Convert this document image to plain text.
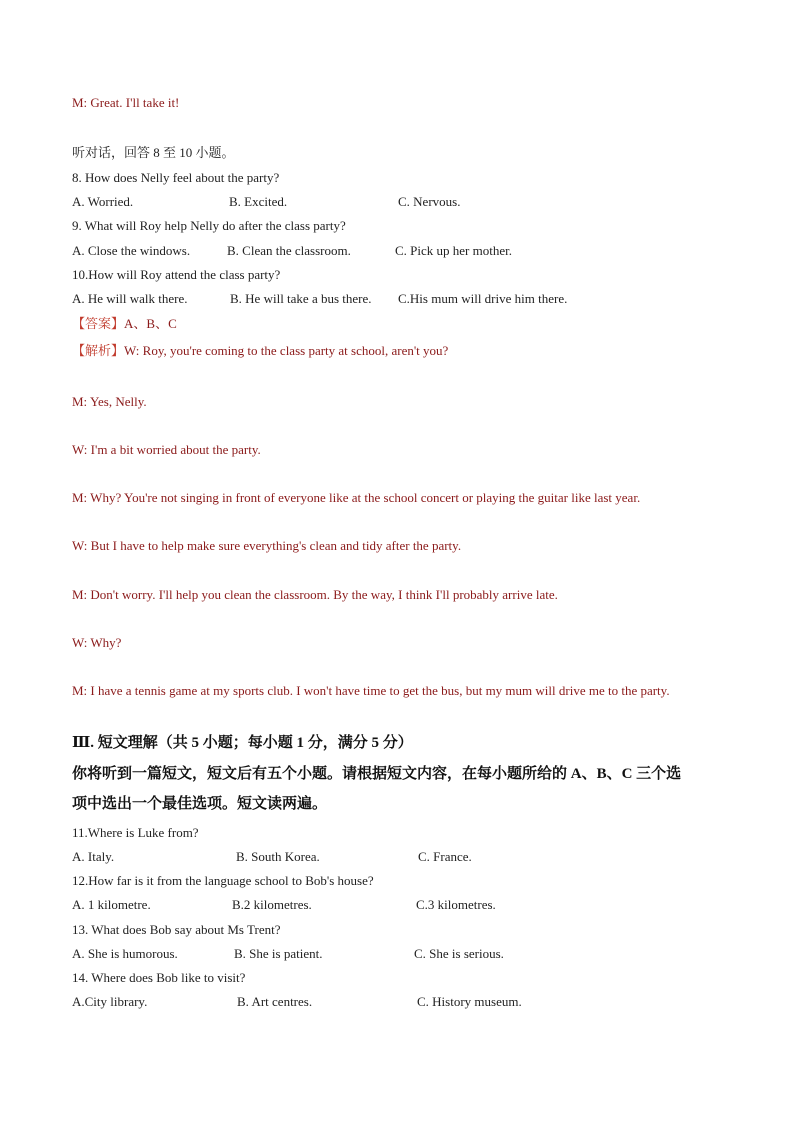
M: Great. I'll take it!
听对话，回答 8 至 10 小题。
8. How does Nelly feel about the party?
A. Worried.	B. Excited.	C. Nervous.
9. What will Roy help Nelly do after the class party?
A. Close the windows.	B. Clean the classroom.	C. Pick up her mother.
10.How will Roy attend the class party?
A. He will walk there.	B. He will take a bus there. C.His mum will drive him there.
【答案】A、B、C
【解析】W: Roy, you're coming to the class party at school, aren't you?
M: Yes, Nelly.
W: I'm a bit worried about the party.
M: Why? You're not singing in front of everyone like at the school concert or playing the guitar like last year.
W: But I have to help make sure everything's clean and tidy after the party.
M: Don't worry. I'll help you clean the classroom. By the way, I think I'll probably arrive late.
W: Why?
M: I have a tennis game at my sports club. I won't have time to get the bus, but my mum will drive me to the party.
Ⅲ. 短文理解（共 5 小题；每小题 1 分，满分 5 分）
你将听到一篇短文，短文后有五个小题。请根据短文内容，在每小题所给的 A、B、C 三个选
项中选出一个最佳选项。短文读两遍。
11.Where is Luke from?
A. Italy.	B. South Korea.	C. France.
12.How far is it from the language school to Bob's house?
A. 1 kilometre.	B.2 kilometres.	C.3 kilometres.
13. What does Bob say about Ms Trent?
A. She is humorous.	B. She is patient.	C. She is serious.
14. Where does Bob like to visit?
A.City library.	B. Art centres.	C. History museum.
